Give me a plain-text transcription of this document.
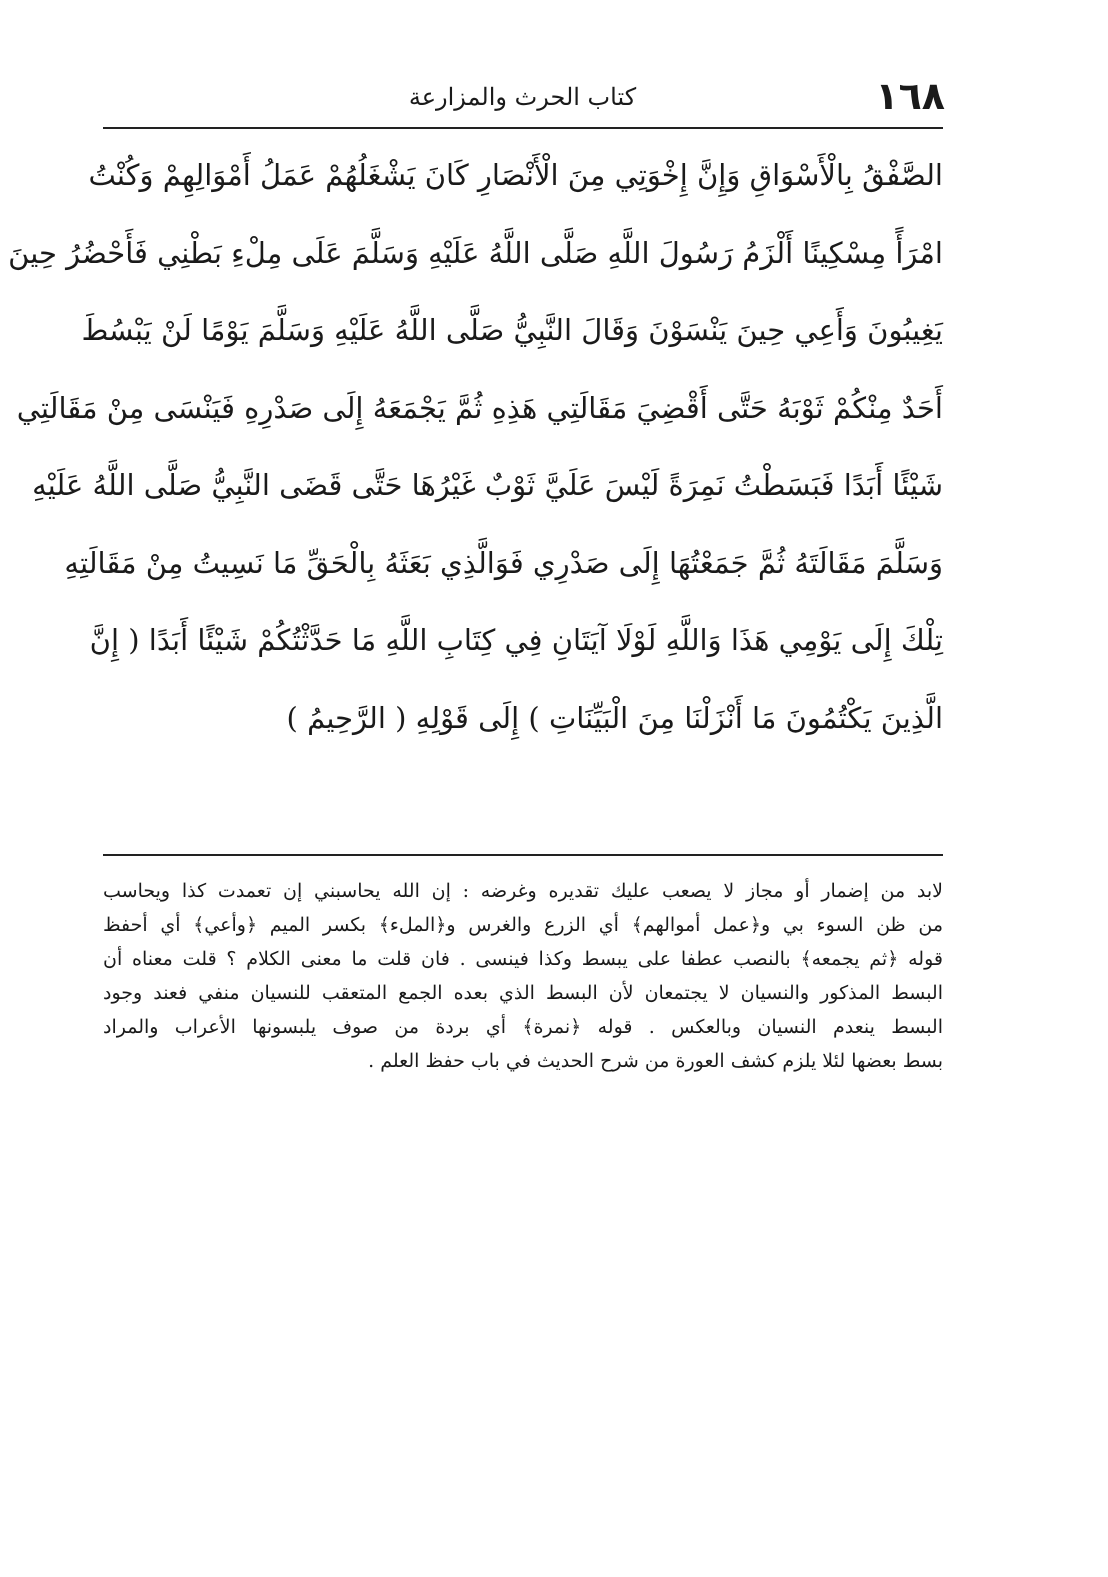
١٦٨
كتاب الحرث والمزارعة
الصَّفْقُ بِالْأَسْوَاقِ وَإِنَّ إِخْوَتِي مِنَ الْأَنْصَارِ كَانَ يَشْغَلُهُمْ عَمَلُ أَمْوَالِهِمْ وَكُنْتُ
امْرَأً مِسْكِينًا أَلْزَمُ رَسُولَ اللَّهِ صَلَّى اللَّهُ عَلَيْهِ وَسَلَّمَ عَلَى مِلْءِ بَطْنِي فَأَحْضُرُ حِينَ
يَغِيبُونَ وَأَعِي حِينَ يَنْسَوْنَ وَقَالَ النَّبِيُّ صَلَّى اللَّهُ عَلَيْهِ وَسَلَّمَ يَوْمًا لَنْ يَبْسُطَ
أَحَدٌ مِنْكُمْ ثَوْبَهُ حَتَّى أَقْضِيَ مَقَالَتِي هَذِهِ ثُمَّ يَجْمَعَهُ إِلَى صَدْرِهِ فَيَنْسَى مِنْ مَقَالَتِي
شَيْئًا أَبَدًا فَبَسَطْتُ نَمِرَةً لَيْسَ عَلَيَّ ثَوْبٌ غَيْرُهَا حَتَّى قَضَى النَّبِيُّ صَلَّى اللَّهُ عَلَيْهِ
وَسَلَّمَ مَقَالَتَهُ ثُمَّ جَمَعْتُهَا إِلَى صَدْرِي فَوَالَّذِي بَعَثَهُ بِالْحَقِّ مَا نَسِيتُ مِنْ مَقَالَتِهِ
تِلْكَ إِلَى يَوْمِي هَذَا وَاللَّهِ لَوْلَا آيَتَانِ فِي كِتَابِ اللَّهِ مَا حَدَّثْتُكُمْ شَيْئًا أَبَدًا ( إِنَّ
الَّذِينَ يَكْتُمُونَ مَا أَنْزَلْنَا مِنَ الْبَيِّنَاتِ ) إِلَى قَوْلِهِ ( الرَّحِيمُ )
لابد من إضمار أو مجاز لا يصعب عليك تقديره وغرضه : إن الله يحاسبني إن تعمدت كذا ويحاسب
من ظن السوء بي و﴿عمل أموالهم﴾ أي الزرع والغرس و﴿الملء﴾ بكسر الميم ﴿وأعي﴾ أي أحفظ
قوله ﴿ثم يجمعه﴾ بالنصب عطفا على يبسط وكذا فينسى . فان قلت ما معنى الكلام ؟ قلت معناه أن
البسط المذكور والنسيان لا يجتمعان لأن البسط الذي بعده الجمع المتعقب للنسيان منفي فعند وجود
البسط ينعدم النسيان وبالعكس . قوله ﴿نمرة﴾ أي بردة من صوف يلبسونها الأعراب والمراد
بسط بعضها لئلا يلزم كشف العورة من شرح الحديث في باب حفظ العلم .
